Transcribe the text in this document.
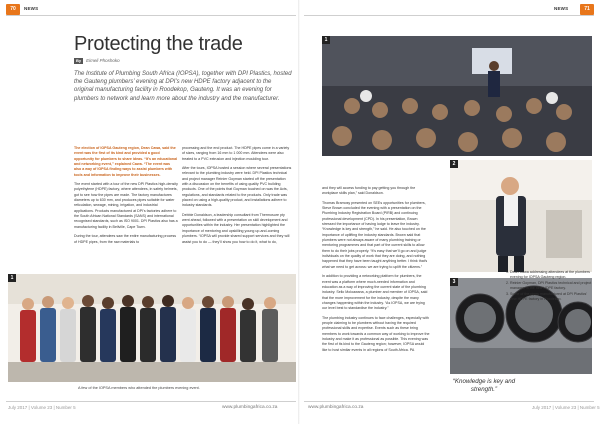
70	NEWS
Protecting the trade
By	Eimeli Phoshoko

The Institute of Plumbing South Africa (IOPSA), together with DPI Plastics, hosted the Gauteng plumbers’ evening at DPI’s new HDPE factory adjacent to the original manufacturing facility in Roodekop, Gauteng. It was an evening for plumbers to network and learn more about the industry and the manufacturer.

The election of IOPSA Gauteng region, Dean Cawa, said the event was the first of its kind and provided a good opportunity for plumbers to share ideas. “It’s an educational and networking event,” explained Cawa. “The event was also a way of IOPSA finding ways to assist plumbers with tools and information to improve their businesses.

The event started with a tour of the new DPI Plastics high-density polyethylene (HDPE) factory, where attendees, in safety helmets, got to see how the pipes are made. The factory manufactures diameters up to 630 mm, and produces pipes suitable for water reticulation, sewage, mining, irrigation, and industrial applications. Products manufactured at DPI’s factories adhere to the South African National Standards (SANS) and international recognised standards, such as ISO 9001. DPI Plastics also has a manufacturing facility in Bellville, Cape Town.

During the tour, attendees saw the entire manufacturing process of HDPE pipes, from the raw materials to

processing and the end product. The HDPE pipes come in a variety of sizes, ranging from 16 mm to 1 000 mm. Attendees were also treated to a PVC extrusion and injection moulding tour.

After the tours, IOPSA hosted a session where several presentations relevant to the plumbing industry were held. DPI Plastics technical and project manager Reinier Goyman started off the presentation with a discussion on the benefits of using quality PVC building products. One of the points that Goyman touched on was the Acts, regulations, and standards related to the products. Only trade was placed on using a high-quality product, and installations adhere to industry standards.

Debbie Donaldson, a leadership consultant from Thermosure pty went ahead, followed with a presentation on skill development and opportunities within the industry. Her presentation highlighted the importance of mentoring and upskilling young up-and-coming plumbers. “IOPSA will provide shared support services and they will assist you to do — they’ll show you how to do it, what to do,

1
A few of the IOPSA members who attended the plumbers evening event.
July 2017 | Volume 23 | Number 5	www.plumbingafrica.co.za
NEWS	71
1
2
3

and they will access funding to pay getting you through the workplace skills plan,” said Donaldson.

Thomas Bramosy presented on SEEs opportunities for plumbers, Steve Brown concluded the evening with a presentation on the Plumbing Industry Registration Board (PIRB) and continuing professional development (CPD). In his presentation, Brown stressed the importance of having lodge to leave the industry. “Knowledge is key and strength,” he said. He also touched on the importance of uplifting the industry standards. Brown said that plumbers were not always aware of many plumbing training or mentoring programmes and that part of the current skills to allow them to do their jobs properly. “It’s easy that we’ll go on and judge individuals on the quality of work that they are doing, and nothing happened that they have been taught anything better. I think that’s what we need to get across: we are trying to uplift the citizens.”

In addition to providing a networking platform for plumbers, the event was a platform where much-needed information and education as a way of improving the current state of the plumbing industry. Sello Moloawana, a plumber and member of IOPSA, said that the more improvement for the industry, despite the many changes happening within the industry. “As IOPSA, we are trying our level best to standardise the industry.”

The plumbing industry continues to face challenges, especially with people claiming to be plumbers without having the required professional skills and expertise. Events such as these bring members to work towards a common way of working to improve the industry and make it as professional as possible. This evening was the first of its kind to the Gauteng region; however, IOPSA would like to host similar events in all regions of South Africa. PA

1. Dean Cawa addressing attendees at the plumbers evening for IOPSA Gauteng region.
2. Reinier Goyman, DPI Plastics technical and project manager, in the new HDPE factory.
3. Some of the pipes manufactured at DPI Plastics’ new HDPE factory in Roodekop.
“Knowledge is key and strength.”
www.plumbingafrica.co.za	July 2017 | Volume 23 | Number 5
